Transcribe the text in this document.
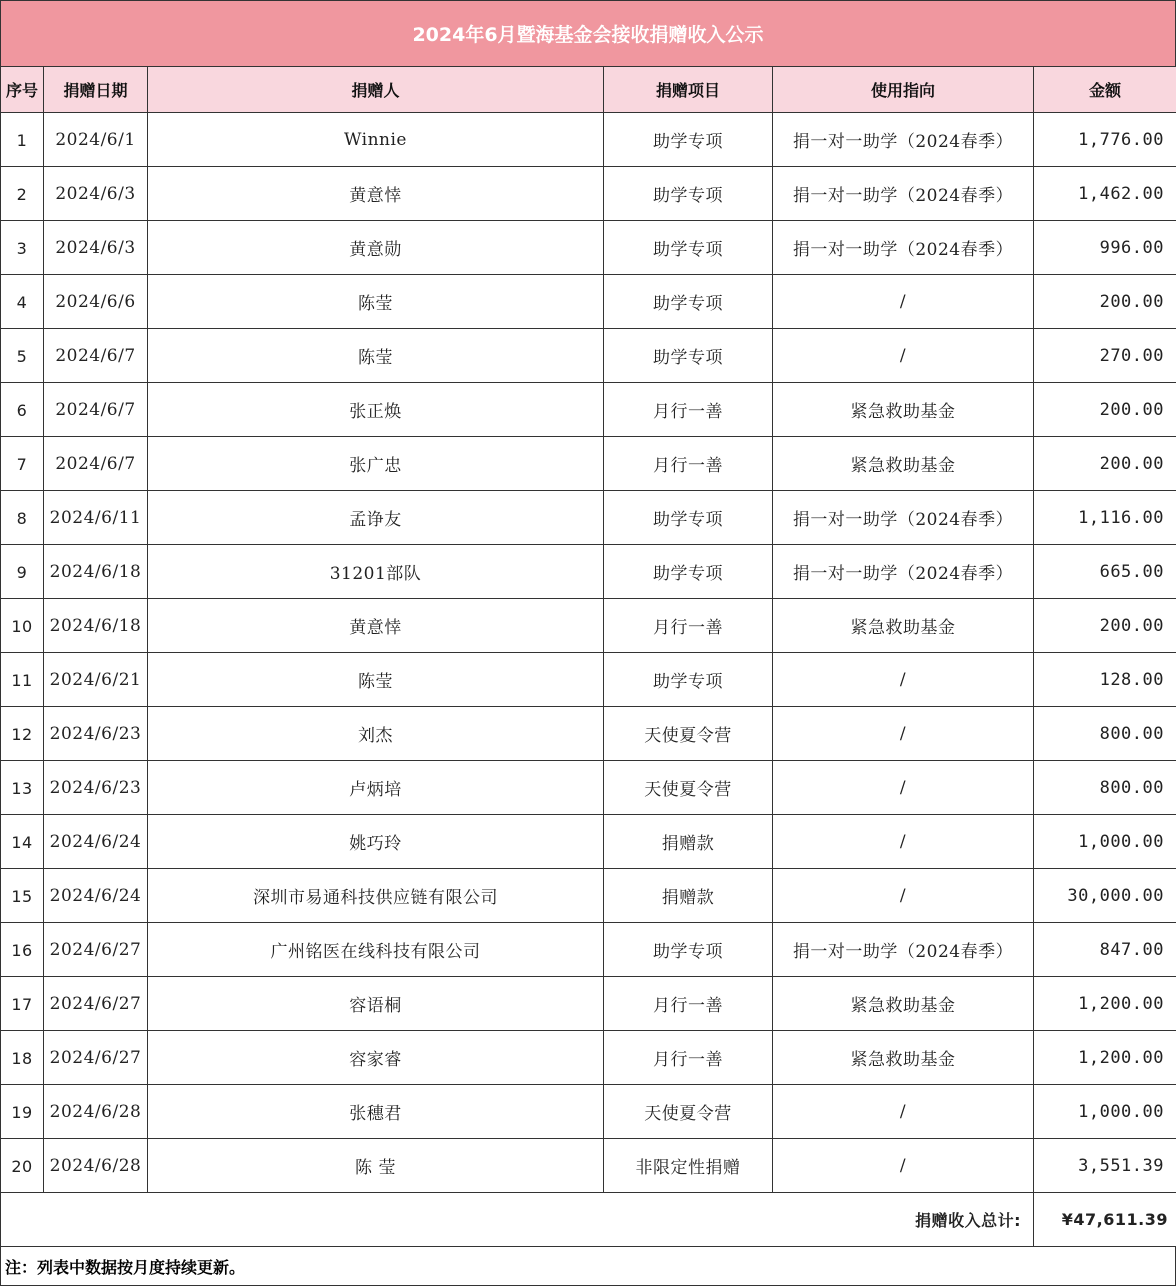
2024年6月暨海基金会接收捐赠收入公示
序号	捐赠日期	捐赠人	捐赠项目	使用指向	金额
1	2024/6/1	Winnie	助学专项	捐一对一助学（2024春季）	1,776.00
2	2024/6/3	黄意悻	助学专项	捐一对一助学（2024春季）	1,462.00
3	2024/6/3	黄意勋	助学专项	捐一对一助学（2024春季）	996.00
4	2024/6/6	陈莹	助学专项	/	200.00
5	2024/6/7	陈莹	助学专项	/	270.00
6	2024/6/7	张正焕	月行一善	紧急救助基金	200.00
7	2024/6/7	张广忠	月行一善	紧急救助基金	200.00
8	2024/6/11	孟诤友	助学专项	捐一对一助学（2024春季）	1,116.00
9	2024/6/18	31201部队	助学专项	捐一对一助学（2024春季）	665.00
10	2024/6/18	黄意悻	月行一善	紧急救助基金	200.00
11	2024/6/21	陈莹	助学专项	/	128.00
12	2024/6/23	刘杰	天使夏令营	/	800.00
13	2024/6/23	卢炳培	天使夏令营	/	800.00
14	2024/6/24	姚巧玲	捐赠款	/	1,000.00
15	2024/6/24	深圳市易通科技供应链有限公司	捐赠款	/	30,000.00
16	2024/6/27	广州铭医在线科技有限公司	助学专项	捐一对一助学（2024春季）	847.00
17	2024/6/27	容语桐	月行一善	紧急救助基金	1,200.00
18	2024/6/27	容家睿	月行一善	紧急救助基金	1,200.00
19	2024/6/28	张穗君	天使夏令营	/	1,000.00
20	2024/6/28	陈 莹	非限定性捐赠	/	3,551.39
捐赠收入总计:					¥47,611.39
注：列表中数据按月度持续更新。
